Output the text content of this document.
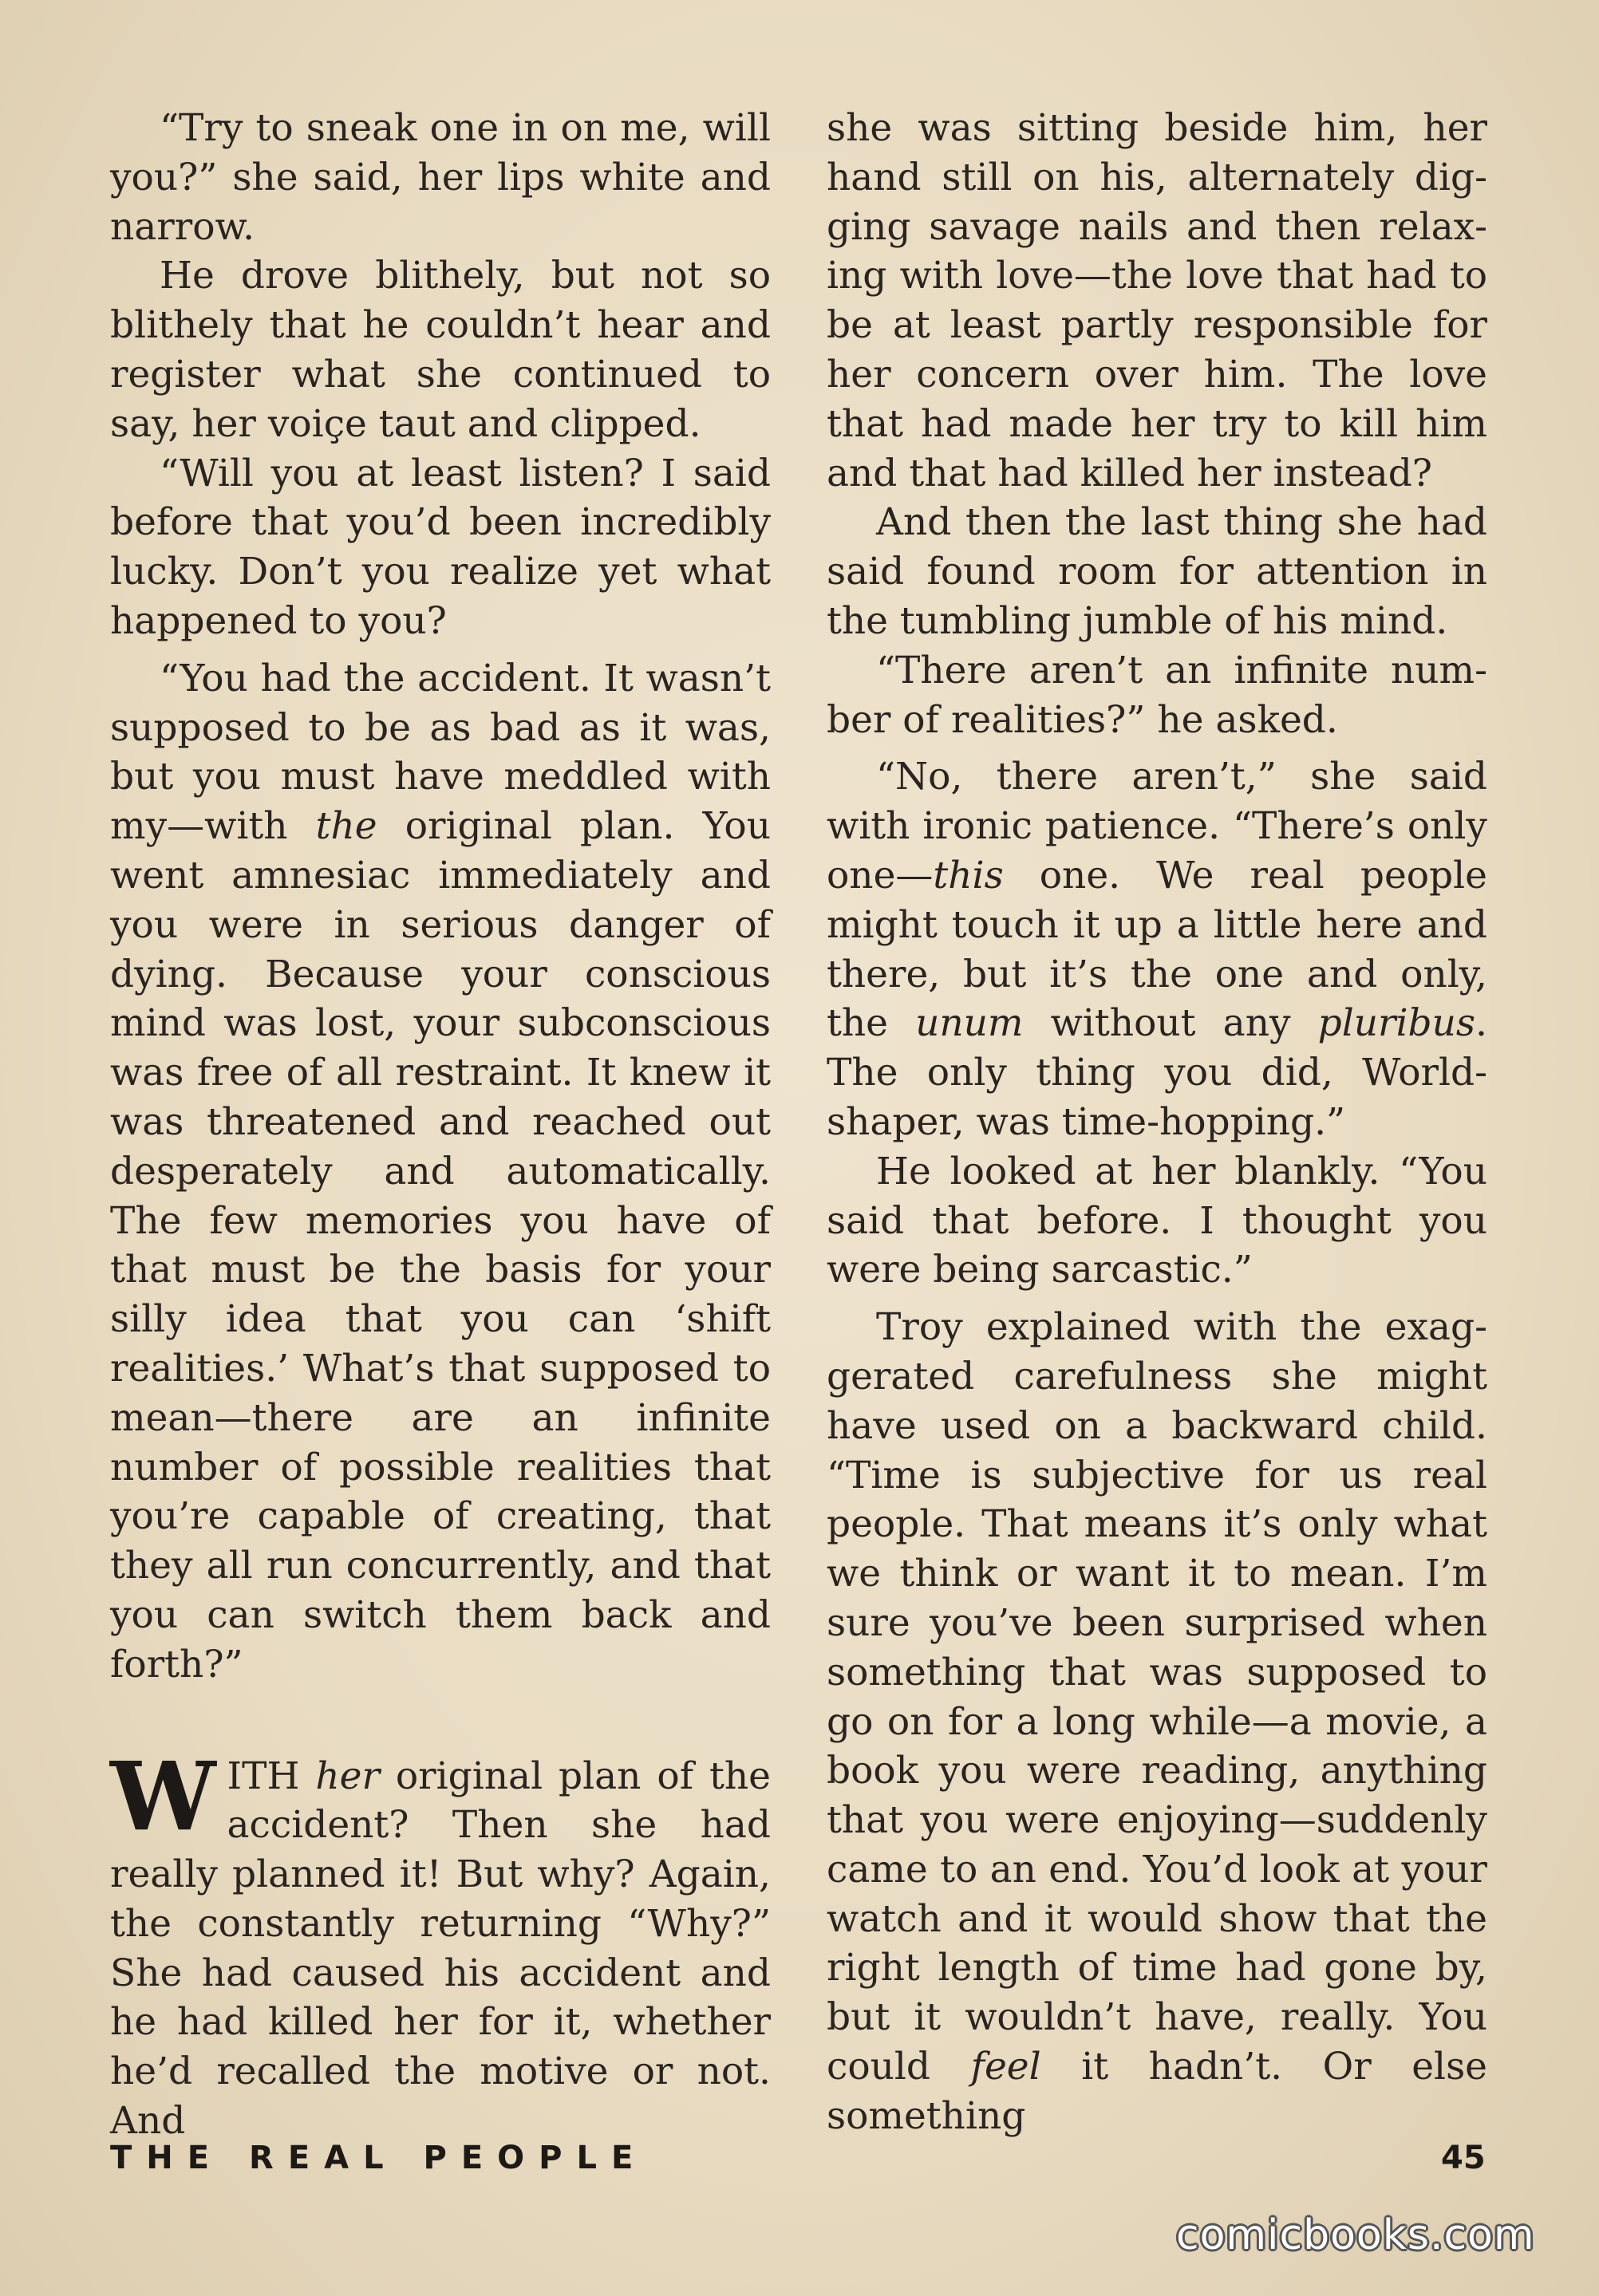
“Try to sneak one in on me, will you?” she said, her lips white and narrow.

He drove blithely, but not so blithely that he couldn’t hear and register what she continued to say, her voiçe taut and clipped.

“Will you at least listen? I said before that you’d been incredibly lucky. Don’t you realize yet what happened to you?

“You had the accident. It wasn’t supposed to be as bad as it was, but you must have meddled with my—with the original plan. You went amnesiac immediately and you were in serious danger of dying. Because your conscious mind was lost, your subconscious was free of all restraint. It knew it was threatened and reached out desperately and automatically. The few memories you have of that must be the basis for your silly idea that you can ‘shift realities.’ What’s that supposed to mean—there are an infinite number of possible realities that you’re capable of creating, that they all run concurrently, and that you can switch them back and forth?”

WITH her original plan of the accident? Then she had really planned it! But why? Again, the constantly returning “Why?” She had caused his accident and he had killed her for it, whether he’d recalled the motive or not. And

she was sitting beside him, her hand still on his, alternately digging savage nails and then relaxing with love—the love that had to be at least partly responsible for her concern over him. The love that had made her try to kill him and that had killed her instead?

And then the last thing she had said found room for attention in the tumbling jumble of his mind.

“There aren’t an infinite number of realities?” he asked.

“No, there aren’t,” she said with ironic patience. “There’s only one—this one. We real people might touch it up a little here and there, but it’s the one and only, the unum without any pluribus. The only thing you did, World-shaper, was time-hopping.”

He looked at her blankly. “You said that before. I thought you were being sarcastic.”

Troy explained with the exaggerated carefulness she might have used on a backward child. “Time is subjective for us real people. That means it’s only what we think or want it to mean. I’m sure you’ve been surprised when something that was supposed to go on for a long while—a movie, a book you were reading, anything that you were enjoying—suddenly came to an end. You’d look at your watch and it would show that the right length of time had gone by, but it wouldn’t have, really. You could feel it hadn’t. Or else something

THE REAL PEOPLE	45
comicbooks.com
